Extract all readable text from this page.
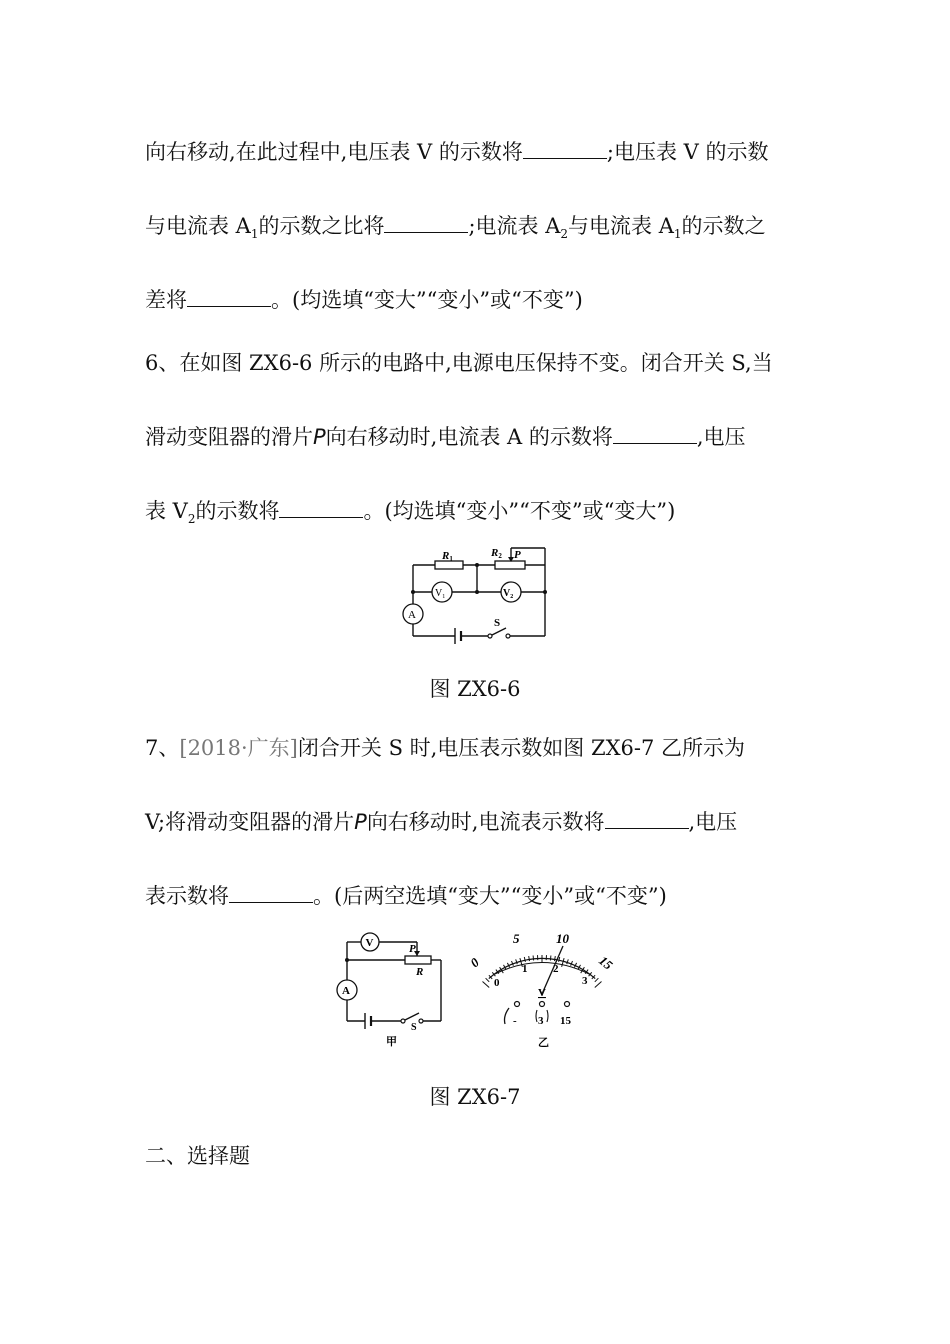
向右移动,在此过程中,电压表 V 的示数将	;电压表 V 的示数
与电流表 $A_1$的示数之比将	;电流表 $A_2$与电流表 $A_1$的示数之
差将	。(均选填“变大”“变小”或“不变”)
6、在如图 ZX6-6 所示的电路中,电源电压保持不变。闭合开关 S,当
滑动变阻器的滑片P向右移动时,电流表 A 的示数将	,电压
表 $V_2$的示数将	。(均选填“变小”“不变”或“变大”)
R1	R2 P
$V_1$	$V_2$
A
S
图 ZX6-6
7、[2018·广东]闭合开关 S 时,电压表示数如图 ZX6-7 乙所示为
V;将滑动变阻器的滑片P向右移动时,电流表示数将	,电压
表示数将	。(后两空选填“变大”“变小”或“不变”)
V
A
P
R
S
甲
0
5	10
15
0
1 2
3
V
- 3 15
乙
图 ZX6-7
二、选择题
